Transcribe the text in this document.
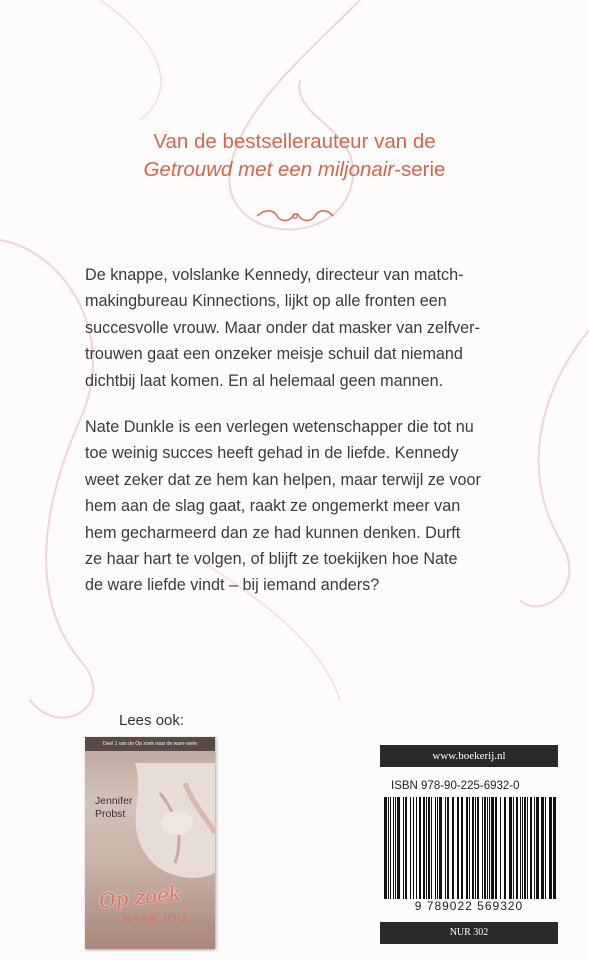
Van de bestsellerauteur van de
Getrouwd met een miljonair-serie
De knappe, volslanke Kennedy, directeur van match-
makingbureau Kinnections, lijkt op alle fronten een
succesvolle vrouw. Maar onder dat masker van zelfver-
trouwen gaat een onzeker meisje schuil dat niemand
dichtbij laat komen. En al helemaal geen mannen.
Nate Dunkle is een verlegen wetenschapper die tot nu
toe weinig succes heeft gehad in de liefde. Kennedy
weet zeker dat ze hem kan helpen, maar terwijl ze voor
hem aan de slag gaat, raakt ze ongemerkt meer van
hem gecharmeerd dan ze had kunnen denken. Durft
ze haar hart te volgen, of blijft ze toekijken hoe Nate
de ware liefde vindt – bij iemand anders?
Lees ook:
Deel 1 van de Op zoek naar de ware-serie
Jennifer
Probst
Op zoek
NAAR JOU
www.boekerij.nl
ISBN 978-90-225-6932-0
9 789022 569320
NUR 302
